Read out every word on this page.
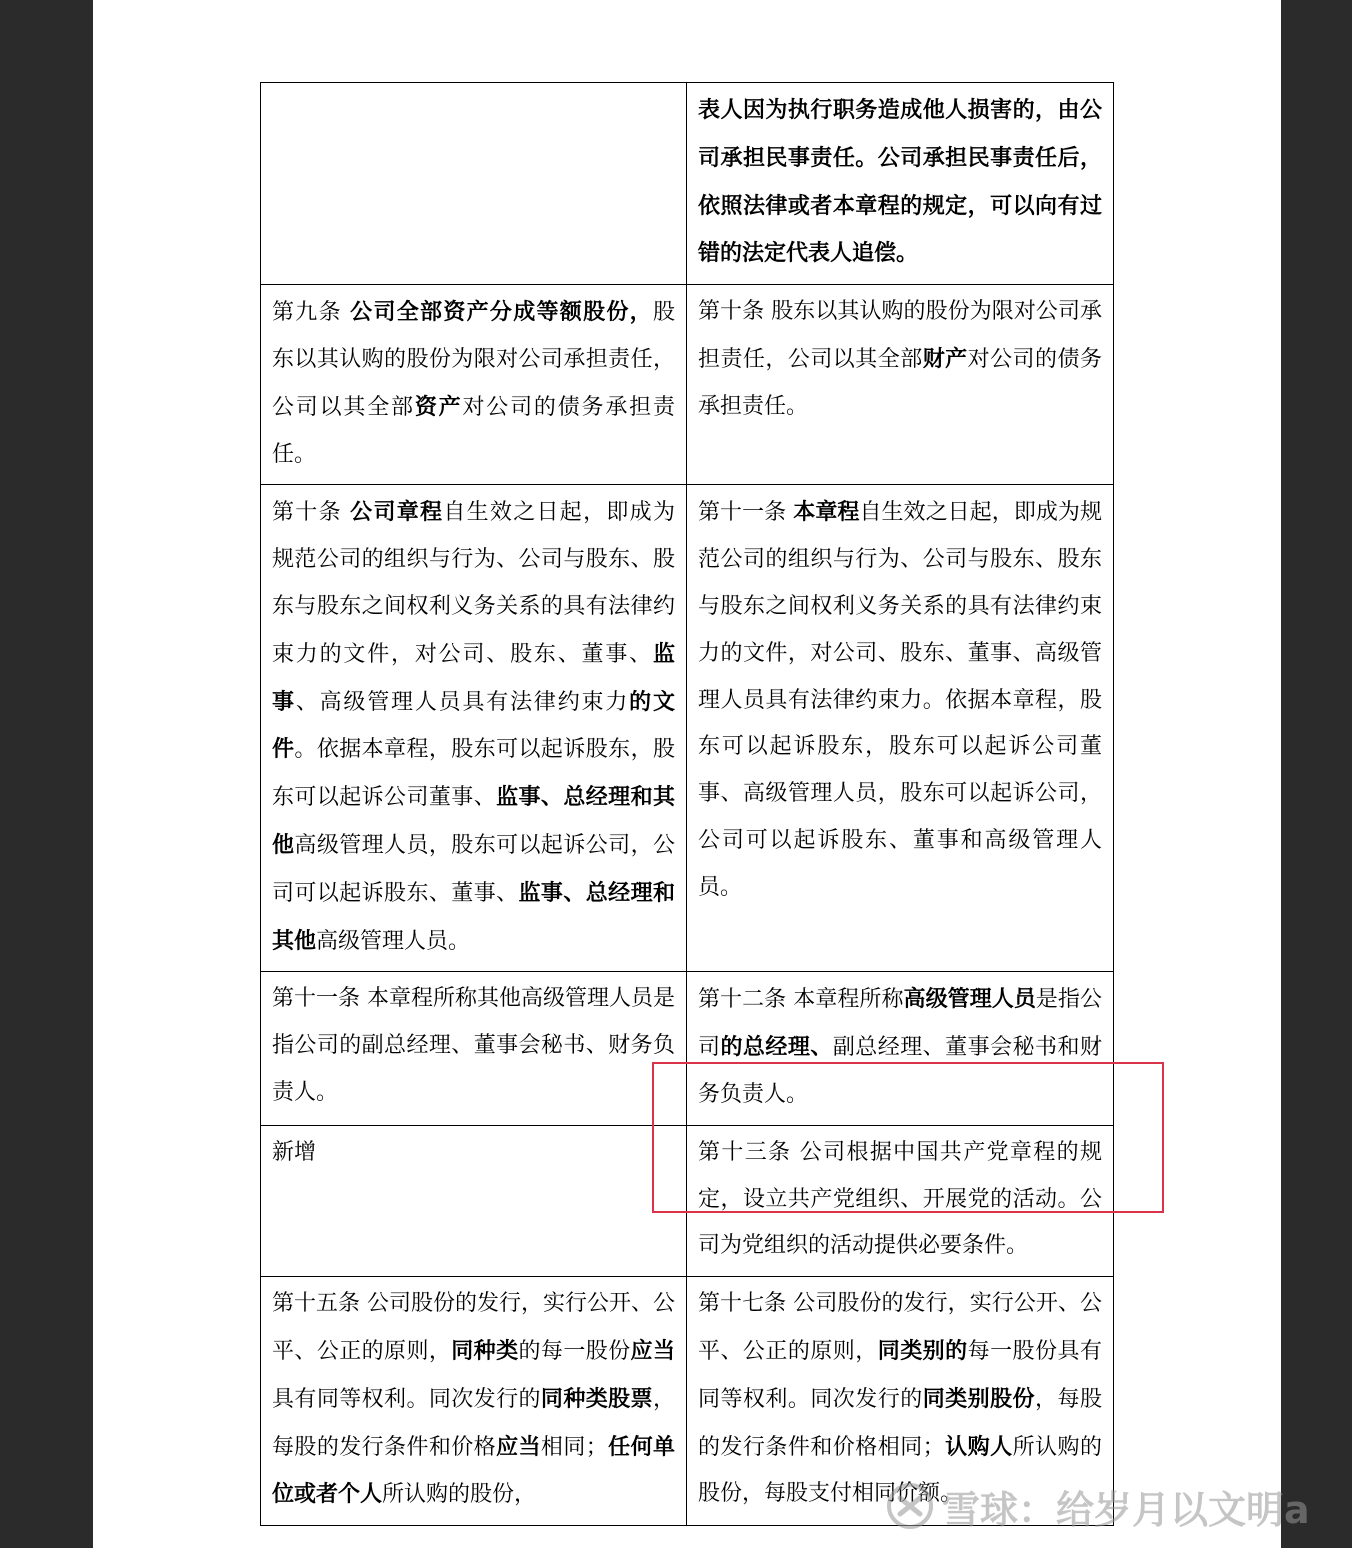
	表人因为执行职务造成他人损害的，由公司承担民事责任。公司承担民事责任后，依照法律或者本章程的规定，可以向有过错的法定代表人追偿。
第九条 公司全部资产分成等额股份，股东以其认购的股份为限对公司承担责任，公司以其全部资产对公司的债务承担责任。	第十条 股东以其认购的股份为限对公司承担责任，公司以其全部财产对公司的债务承担责任。
第十条 公司章程自生效之日起，即成为规范公司的组织与行为、公司与股东、股东与股东之间权利义务关系的具有法律约束力的文件，对公司、股东、董事、监事、高级管理人员具有法律约束力的文件。依据本章程，股东可以起诉股东，股东可以起诉公司董事、监事、总经理和其他高级管理人员，股东可以起诉公司，公司可以起诉股东、董事、监事、总经理和其他高级管理人员。	第十一条 本章程自生效之日起，即成为规范公司的组织与行为、公司与股东、股东与股东之间权利义务关系的具有法律约束力的文件，对公司、股东、董事、高级管理人员具有法律约束力。依据本章程，股东可以起诉股东，股东可以起诉公司董事、高级管理人员，股东可以起诉公司，公司可以起诉股东、董事和高级管理人员。
第十一条 本章程所称其他高级管理人员是指公司的副总经理、董事会秘书、财务负责人。	第十二条 本章程所称高级管理人员是指公司的总经理、副总经理、董事会秘书和财务负责人。
新增	第十三条 公司根据中国共产党章程的规定，设立共产党组织、开展党的活动。公司为党组织的活动提供必要条件。
第十五条 公司股份的发行，实行公开、公平、公正的原则，同种类的每一股份应当具有同等权利。同次发行的同种类股票，每股的发行条件和价格应当相同；任何单位或者个人所认购的股份，	第十七条 公司股份的发行，实行公开、公平、公正的原则，同类别的每一股份具有同等权利。同次发行的同类别股份，每股的发行条件和价格相同；认购人所认购的股份，每股支付相同价额。
雪球：给岁月以文明a
